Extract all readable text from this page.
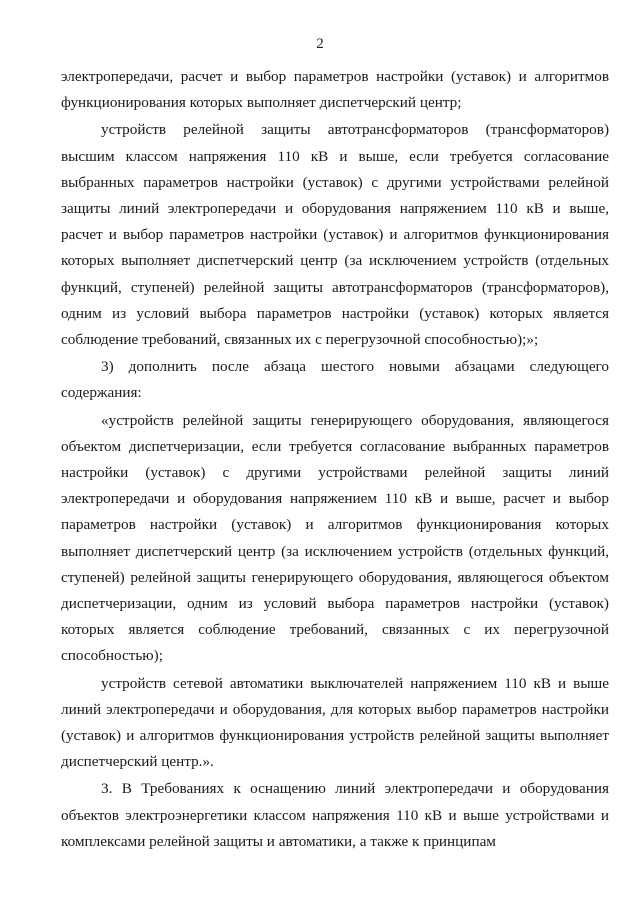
2

электропередачи, расчет и выбор параметров настройки (уставок) и алгоритмов функционирования которых выполняет диспетчерский центр;

устройств релейной защиты автотрансформаторов (трансформаторов) высшим классом напряжения 110 кВ и выше, если требуется согласование выбранных параметров настройки (уставок) с другими устройствами релейной защиты линий электропередачи и оборудования напряжением 110 кВ и выше, расчет и выбор параметров настройки (уставок) и алгоритмов функционирования которых выполняет диспетчерский центр (за исключением устройств (отдельных функций, ступеней) релейной защиты автотрансформаторов (трансформаторов), одним из условий выбора параметров настройки (уставок) которых является соблюдение требований, связанных их с перегрузочной способностью);»;

3) дополнить после абзаца шестого новыми абзацами следующего содержания:

«устройств релейной защиты генерирующего оборудования, являющегося объектом диспетчеризации, если требуется согласование выбранных параметров настройки (уставок) с другими устройствами релейной защиты линий электропередачи и оборудования напряжением 110 кВ и выше, расчет и выбор параметров настройки (уставок) и алгоритмов функционирования которых выполняет диспетчерский центр (за исключением устройств (отдельных функций, ступеней) релейной защиты генерирующего оборудования, являющегося объектом диспетчеризации, одним из условий выбора параметров настройки (уставок) которых является соблюдение требований, связанных с их перегрузочной способностью);

устройств сетевой автоматики выключателей напряжением 110 кВ и выше линий электропередачи и оборудования, для которых выбор параметров настройки (уставок) и алгоритмов функционирования устройств релейной защиты выполняет диспетчерский центр.».

3. В Требованиях к оснащению линий электропередачи и оборудования объектов электроэнергетики классом напряжения 110 кВ и выше устройствами и комплексами релейной защиты и автоматики, а также к принципам
